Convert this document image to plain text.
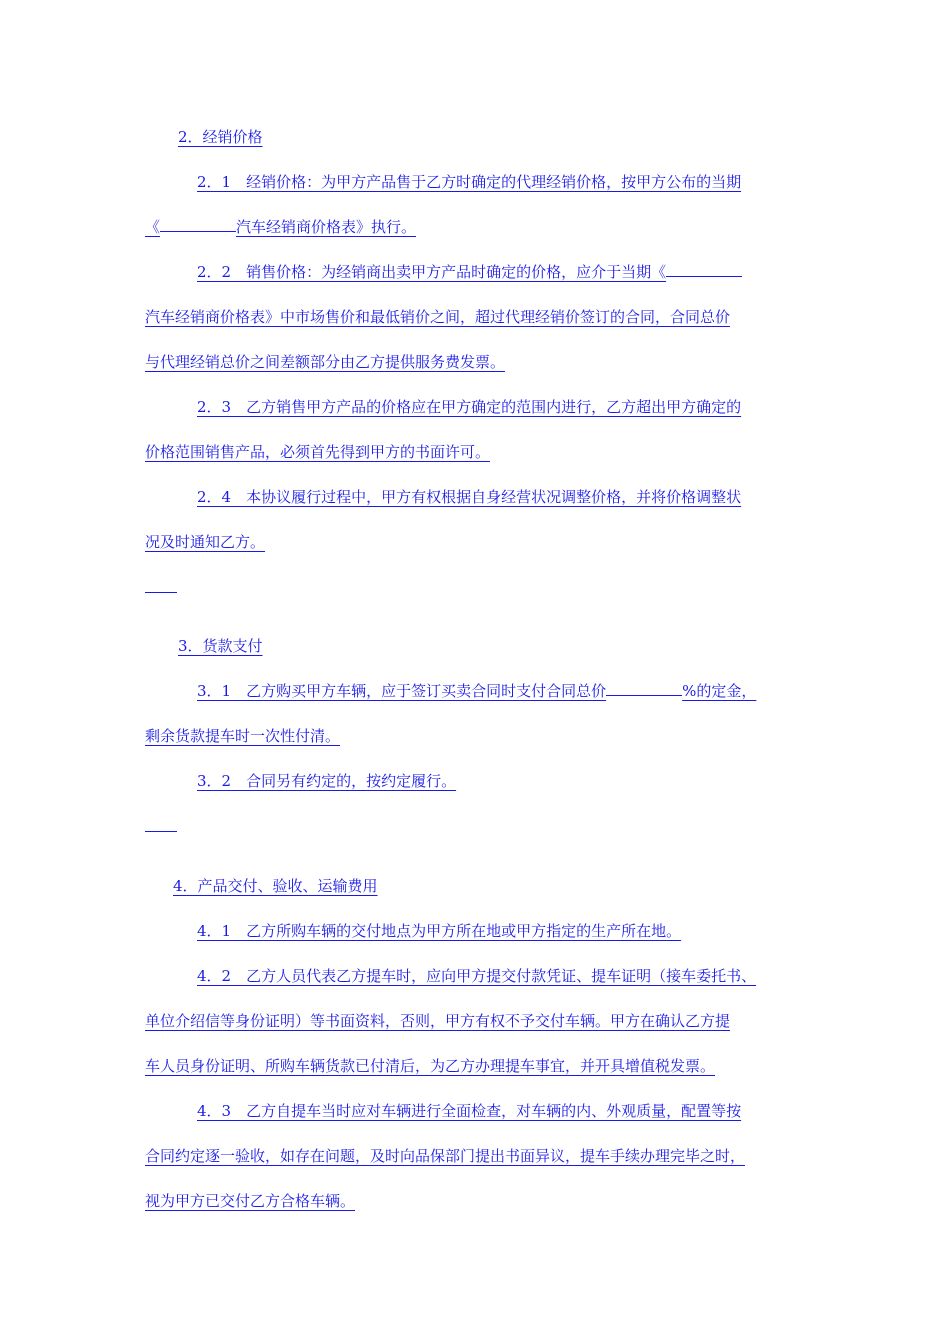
2．经销价格
2．1　经销价格：为甲方产品售于乙方时确定的代理经销价格，按甲方公布的当期
《	汽车经销商价格表》执行。
2．2　销售价格：为经销商出卖甲方产品时确定的价格，应介于当期《
汽车经销商价格表》中市场售价和最低销价之间，超过代理经销价签订的合同，合同总价
与代理经销总价之间差额部分由乙方提供服务费发票。
2．3　乙方销售甲方产品的价格应在甲方确定的范围内进行，乙方超出甲方确定的
价格范围销售产品，必须首先得到甲方的书面许可。
2．4　本协议履行过程中，甲方有权根据自身经营状况调整价格，并将价格调整状
况及时通知乙方。
3．货款支付
3．1　乙方购买甲方车辆，应于签订买卖合同时支付合同总价	%的定金，
剩余货款提车时一次性付清。
3．2　合同另有约定的，按约定履行。
4．产品交付、验收、运输费用
4．1　乙方所购车辆的交付地点为甲方所在地或甲方指定的生产所在地。
4．2　乙方人员代表乙方提车时，应向甲方提交付款凭证、提车证明（接车委托书、
单位介绍信等身份证明）等书面资料，否则，甲方有权不予交付车辆。甲方在确认乙方提
车人员身份证明、所购车辆货款已付清后，为乙方办理提车事宜，并开具增值税发票。
4．3　乙方自提车当时应对车辆进行全面检查，对车辆的内、外观质量，配置等按
合同约定逐一验收，如存在问题，及时向品保部门提出书面异议，提车手续办理完毕之时，
视为甲方已交付乙方合格车辆。
